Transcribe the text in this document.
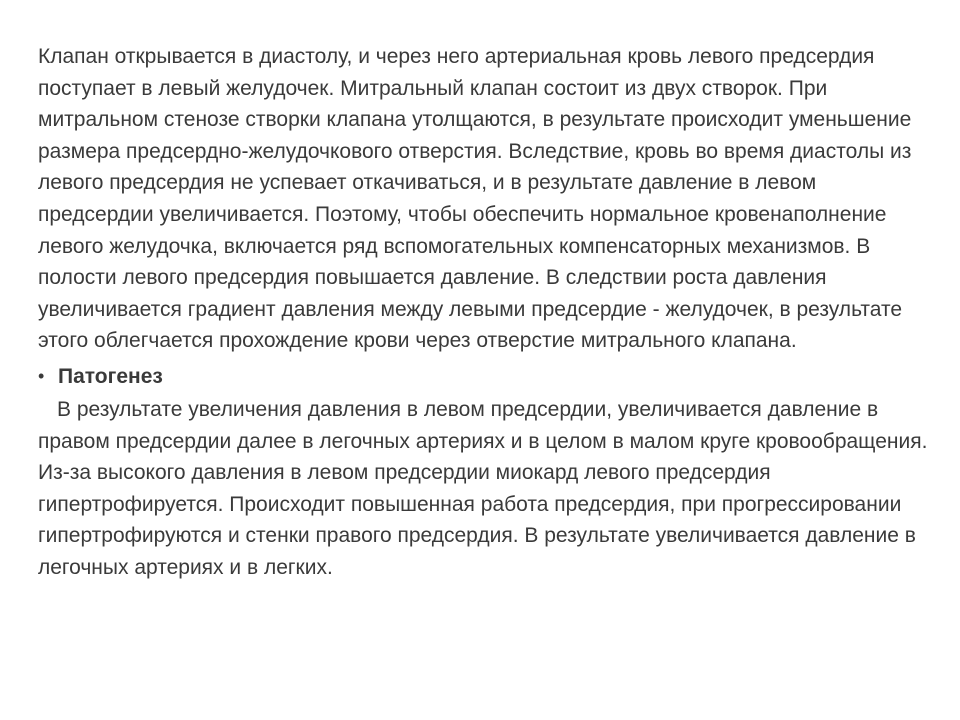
Клапан открывается в диастолу, и через него артериальная кровь левого предсердия поступает в левый желудочек. Митральный клапан состоит из двух створок. При митральном стенозе створки клапана утолщаются, в результате происходит уменьшение размера предсердно-желудочкового отверстия. Вследствие, кровь во время диастолы из левого предсердия не успевает откачиваться, и в результате давление в левом предсердии увеличивается. Поэтому, чтобы обеспечить нормальное кровенаполнение левого желудочка, включается ряд вспомогательных компенсаторных механизмов. В полости левого предсердия повышается давление. В следствии роста давления увеличивается градиент давления между левыми предсердие - желудочек, в результате этого облегчается прохождение крови через отверстие митрального клапана.

• Патогенез

В результате увеличения давления в левом предсердии, увеличивается давление в правом предсердии далее в легочных артериях и в целом в малом круге кровообращения. Из-за высокого давления в левом предсердии миокард левого предсердия гипертрофируется. Происходит повышенная работа предсердия, при прогрессировании гипертрофируются и стенки правого предсердия. В результате увеличивается давление в легочных артериях и в легких.
